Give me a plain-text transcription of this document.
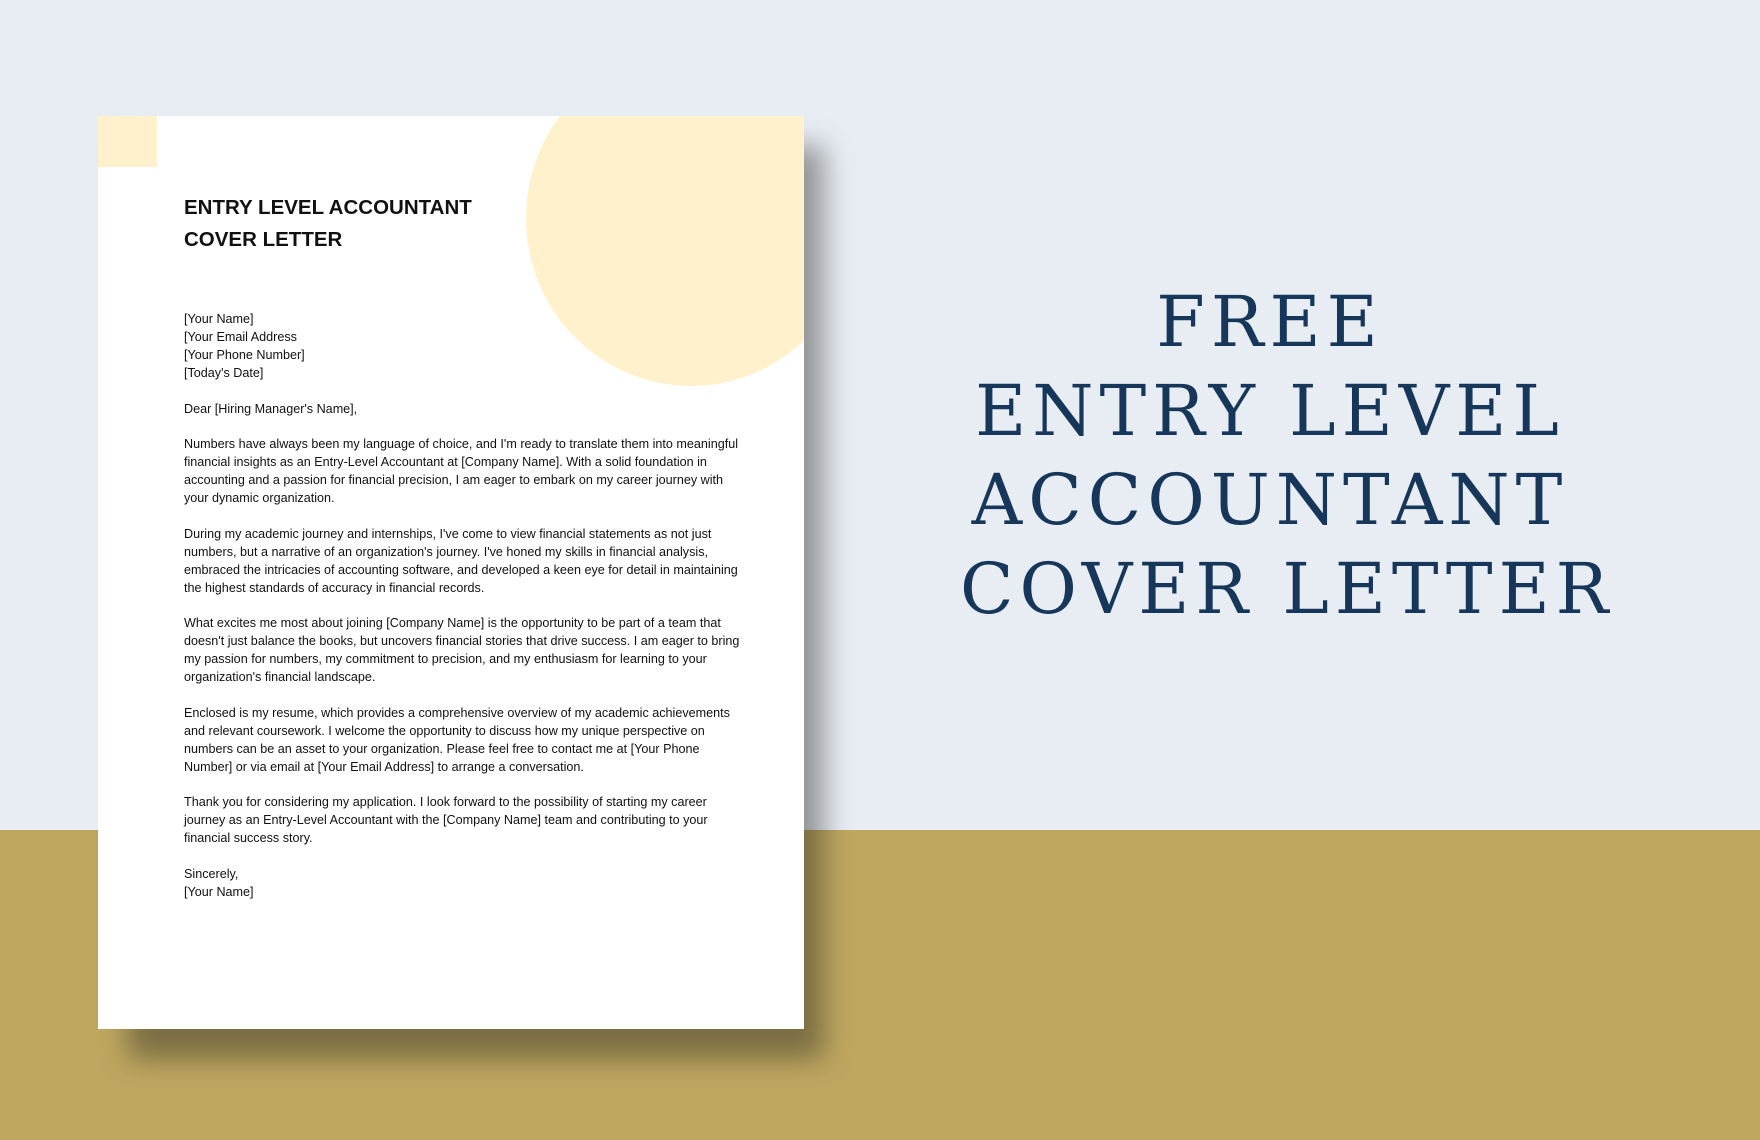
ENTRY LEVEL ACCOUNTANT
COVER LETTER

[Your Name]
[Your Email Address
[Your Phone Number]
[Today's Date]

Dear [Hiring Manager's Name],

Numbers have always been my language of choice, and I'm ready to translate them into meaningful financial insights as an Entry-Level Accountant at [Company Name]. With a solid foundation in accounting and a passion for financial precision, I am eager to embark on my career journey with your dynamic organization.

During my academic journey and internships, I've come to view financial statements as not just numbers, but a narrative of an organization's journey. I've honed my skills in financial analysis, embraced the intricacies of accounting software, and developed a keen eye for detail in maintaining the highest standards of accuracy in financial records.

What excites me most about joining [Company Name] is the opportunity to be part of a team that doesn't just balance the books, but uncovers financial stories that drive success. I am eager to bring my passion for numbers, my commitment to precision, and my enthusiasm for learning to your organization's financial landscape.

Enclosed is my resume, which provides a comprehensive overview of my academic achievements and relevant coursework. I welcome the opportunity to discuss how my unique perspective on numbers can be an asset to your organization. Please feel free to contact me at [Your Phone Number] or via email at [Your Email Address] to arrange a conversation.

Thank you for considering my application. I look forward to the possibility of starting my career journey as an Entry-Level Accountant with the [Company Name] team and contributing to your financial success story.

Sincerely,
[Your Name]

FREE
ENTRY LEVEL
ACCOUNTANT
COVER LETTER
